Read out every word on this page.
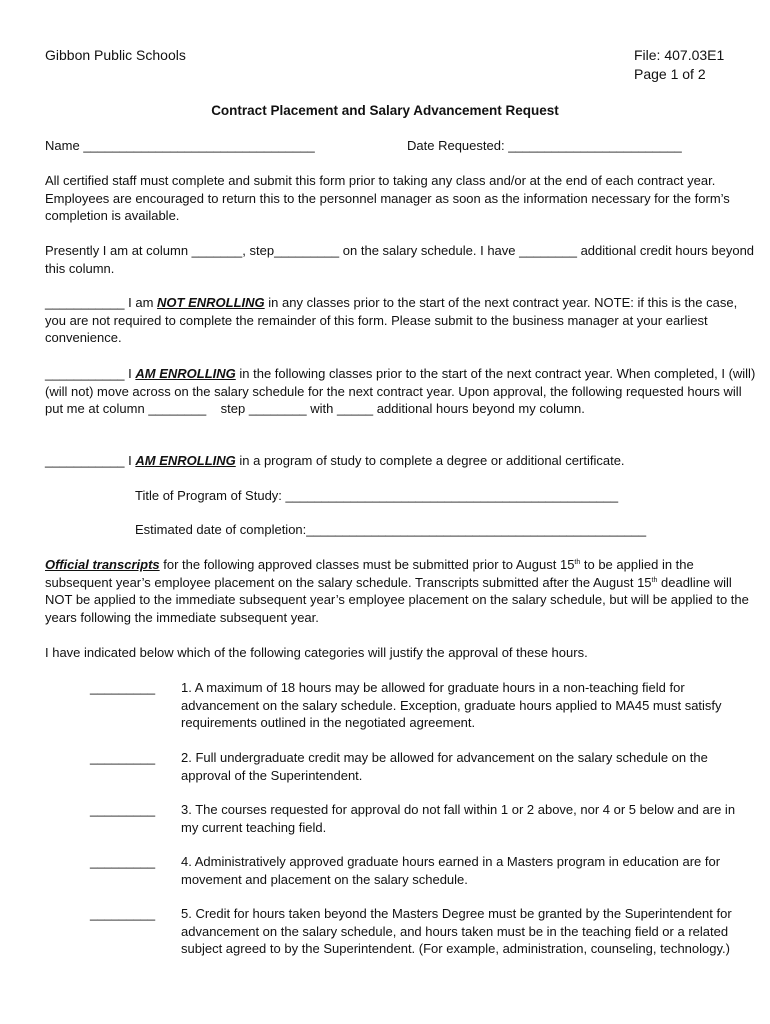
Gibbon Public Schools	File: 407.03E1
Page 1 of 2
Contract Placement and Salary Advancement Request
Name ________________________________	Date Requested: ________________________
All certified staff must complete and submit this form prior to taking any class and/or at the end of each contract year. Employees are encouraged to return this to the personnel manager as soon as the information necessary for the form’s completion is available.
Presently I am at column _______, step_________ on the salary schedule. I have ________ additional credit hours beyond this column.
___________ I am NOT ENROLLING in any classes prior to the start of the next contract year. NOTE: if this is the case, you are not required to complete the remainder of this form. Please submit to the business manager at your earliest convenience.
___________ I AM ENROLLING in the following classes prior to the start of the next contract year. When completed, I (will) (will not) move across on the salary schedule for the next contract year. Upon approval, the following requested hours will put me at column ________    step ________ with _____ additional hours beyond my column.
___________ I AM ENROLLING in a program of study to complete a degree or additional certificate.
Title of Program of Study: ______________________________________________
Estimated date of completion:_______________________________________________
Official transcripts for the following approved classes must be submitted prior to August 15th to be applied in the subsequent year’s employee placement on the salary schedule. Transcripts submitted after the August 15th deadline will NOT be applied to the immediate subsequent year’s employee placement on the salary schedule, but will be applied to the years following the immediate subsequent year.
I have indicated below which of the following categories will justify the approval of these hours.
_________ 1. A maximum of 18 hours may be allowed for graduate hours in a non-teaching field for advancement on the salary schedule. Exception, graduate hours applied to MA45 must satisfy requirements outlined in the negotiated agreement.
_________ 2. Full undergraduate credit may be allowed for advancement on the salary schedule on the approval of the Superintendent.
_________ 3. The courses requested for approval do not fall within 1 or 2 above, nor 4 or 5 below and are in my current teaching field.
_________ 4. Administratively approved graduate hours earned in a Masters program in education are for movement and placement on the salary schedule.
_________ 5. Credit for hours taken beyond the Masters Degree must be granted by the Superintendent for advancement on the salary schedule, and hours taken must be in the teaching field or a related subject agreed to by the Superintendent. (For example, administration, counseling, technology.)
